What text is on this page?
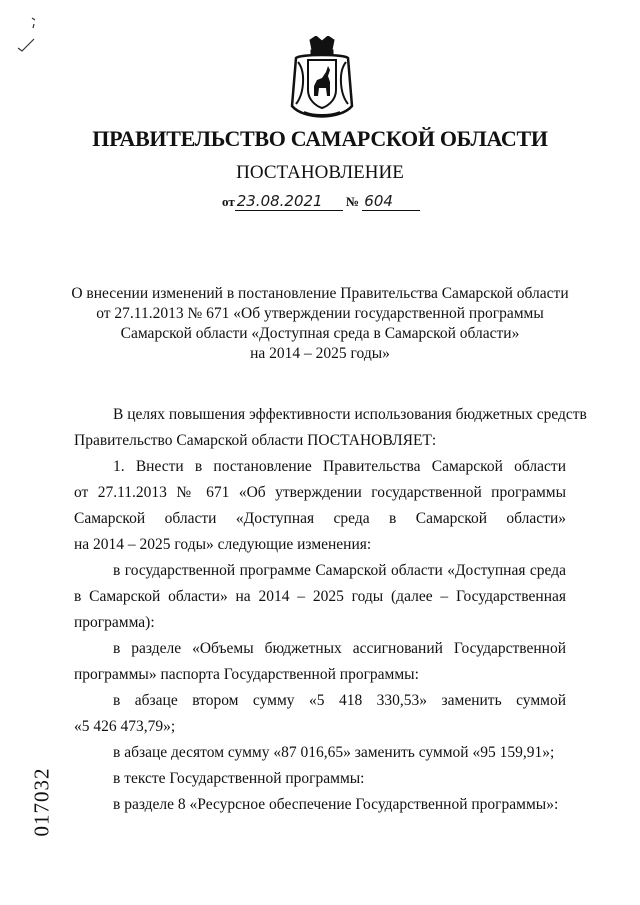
ПРАВИТЕЛЬСТВО САМАРСКОЙ ОБЛАСТИ
ПОСТАНОВЛЕНИЕ
от 23.08.2021 № 604
О внесении изменений в постановление Правительства Самарской области
от 27.11.2013 № 671 «Об утверждении государственной программы
Самарской области «Доступная среда в Самарской области»
на 2014 – 2025 годы»
В целях повышения эффективности использования бюджетных средств
Правительство Самарской области ПОСТАНОВЛЯЕТ:
1. Внести в постановление Правительства Самарской области
от 27.11.2013 № 671 «Об утверждении государственной программы
Самарской области «Доступная среда в Самарской области»
на 2014 – 2025 годы» следующие изменения:
в государственной программе Самарской области «Доступная среда
в Самарской области» на 2014 – 2025 годы (далее – Государственная
программа):
в разделе «Объемы бюджетных ассигнований Государственной
программы» паспорта Государственной программы:
в абзаце втором сумму «5 418 330,53» заменить суммой
«5 426 473,79»;
в абзаце десятом сумму «87 016,65» заменить суммой «95 159,91»;
в тексте Государственной программы:
в разделе 8 «Ресурсное обеспечение Государственной программы»:
017032
